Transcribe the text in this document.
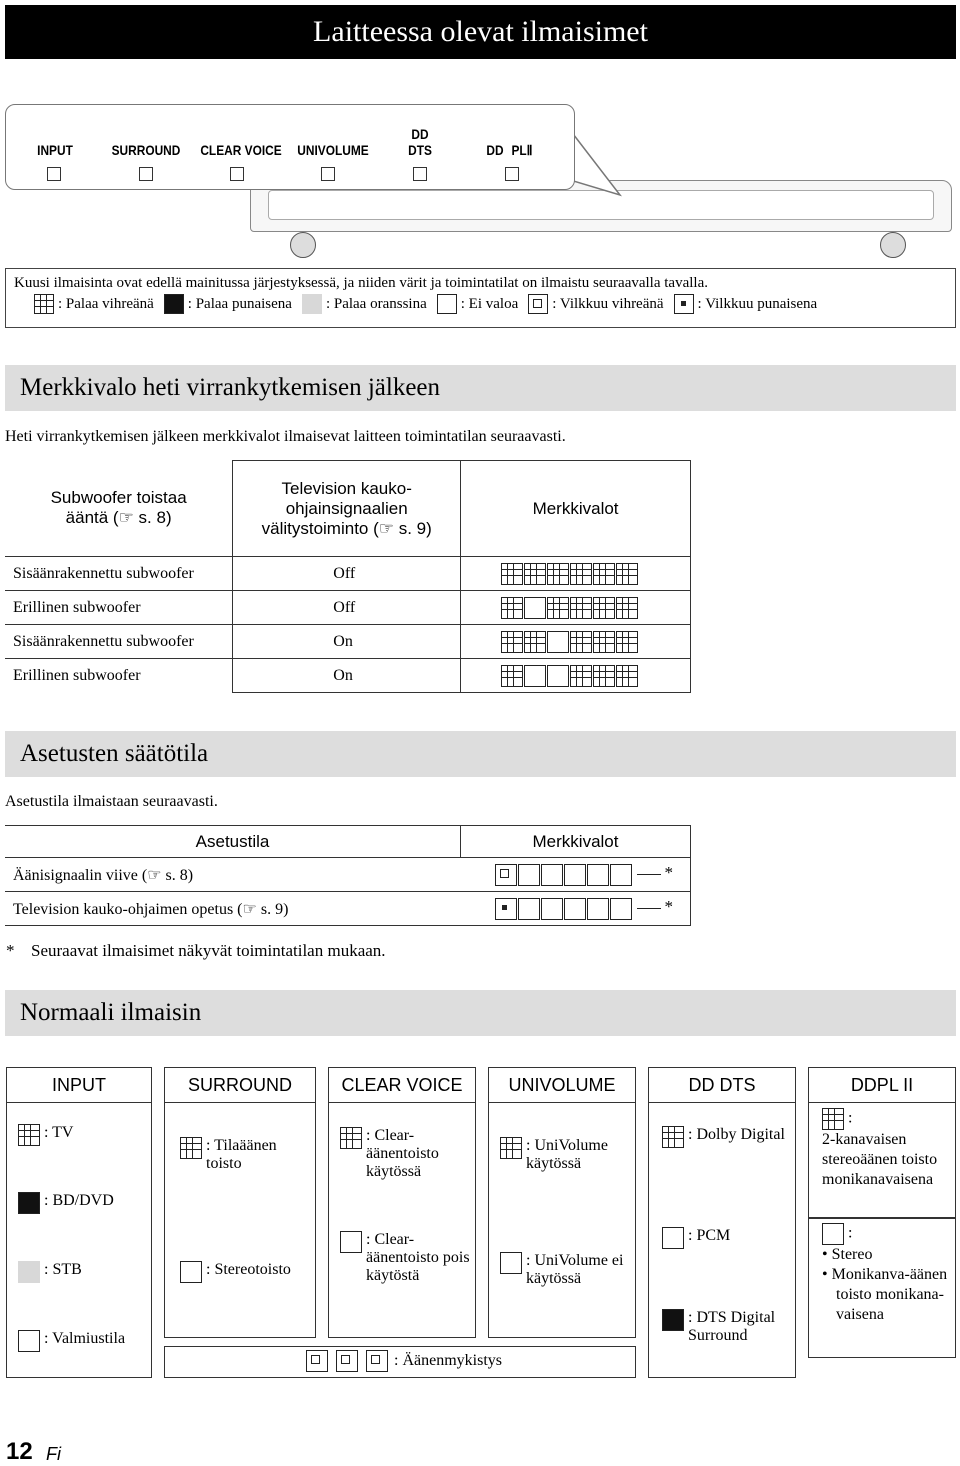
Laitteessa olevat ilmaisimet
INPUT	SURROUND	CLEAR VOICE	UNIVOLUME
DD
DTS	DD PLⅡ
Kuusi ilmaisinta ovat edellä mainitussa järjestyksessä, ja niiden värit ja toimintatilat on ilmaistu seuraavalla tavalla.
: Palaa vihreänä : Palaa punaisena : Palaa oranssina : Ei valoa : Vilkkuu vihreänä : Vilkkuu punaisena
Merkkivalo heti virrankytkemisen jälkeen
Heti virrankytkemisen jälkeen merkkivalot ilmaisevat laitteen toimintatilan seuraavasti.
Subwoofer toistaa ääntä (☞ s. 8)	Television kauko-ohjainsignaalien välitystoiminto (☞ s. 9)	Merkkivalot
Sisäänrakennettu subwoofer	Off	
Erillinen subwoofer	Off	
Sisäänrakennettu subwoofer	On	
Erillinen subwoofer	On	
Asetusten säätötila
Asetustila ilmaistaan seuraavasti.
Asetustila	Merkkivalot
Äänisignaalin viive (☞ s. 8)	*
Television kauko-ohjaimen opetus (☞ s. 9)	*
* Seuraavat ilmaisimet näkyvät toimintatilan mukaan.
Normaali ilmaisin
INPUT	SURROUND	CLEAR VOICE	UNIVOLUME	DD DTS	DDPL II
: TV
: BD/DVD
: STB
: Valmiustila
: Tilaäänen toisto
: Stereotoisto
: Clear-äänentoisto käytössä
: Clear-äänentoisto pois käytöstä
: UniVolume käytössä
: UniVolume ei käytössä
: Dolby Digital
: PCM
: DTS Digital Surround
:
2-kanavaisen stereoäänen toisto monikanavaisena
:
• Stereo
• Monikanva-äänen toisto monikana-vaisena
: Äänenmykistys
12 Fi
